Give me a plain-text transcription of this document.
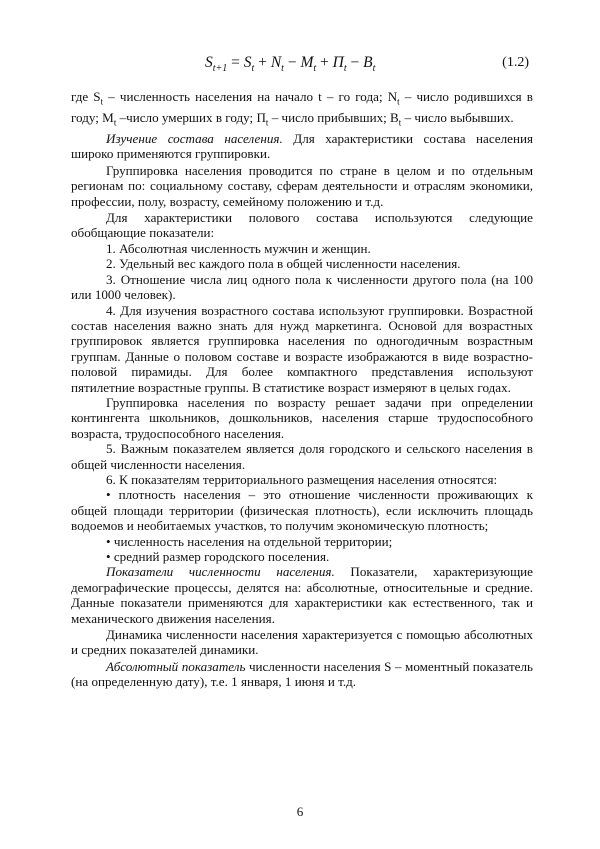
$S_{t+1} = S_t + N_t - M_t + П_t - B_t$	(1.2)

где $S_t$ – численность населения на начало t – го года; $N_t$ – число родившихся в году; $M_t$ –число умерших в году; $П_t$ – число прибывших; $B_t$ – число выбывших.

Изучение состава населения. Для характеристики состава населения широко применяются группировки.

Группировка населения проводится по стране в целом и по отдельным регионам по: социальному составу, сферам деятельности и отраслям экономики, профессии, полу, возрасту, семейному положению и т.д.

Для характеристики полового состава используются следующие обобщающие показатели:

1. Абсолютная численность мужчин и женщин.

2. Удельный вес каждого пола в общей численности населения.

3. Отношение числа лиц одного пола к численности другого пола (на 100 или 1000 человек).

4. Для изучения возрастного состава используют группировки. Возрастной состав населения важно знать для нужд маркетинга. Основой для возрастных группировок является группировка населения по одногодичным возрастным группам. Данные о половом составе и возрасте изображаются в виде возрастно-половой пирамиды. Для более компактного представления используют пятилетние возрастные группы. В статистике возраст измеряют в целых годах.

Группировка населения по возрасту решает задачи при определении контингента школьников, дошкольников, населения старше трудоспособного возраста, трудоспособного населения.

5. Важным показателем является доля городского и сельского населения в общей численности населения.

6. К показателям территориального размещения населения относятся:

• плотность населения – это отношение численности проживающих к общей площади территории (физическая плотность), если исключить площадь водоемов и необитаемых участков, то получим экономическую плотность;

• численность населения на отдельной территории;

• средний размер городского поселения.

Показатели численности населения. Показатели, характеризующие демографические процессы, делятся на: абсолютные, относительные и средние. Данные показатели применяются для характеристики как естественного, так и механического движения населения.

Динамика численности населения характеризуется с помощью абсолютных и средних показателей динамики.

Абсолютный показатель численности населения S – моментный показатель (на определенную дату), т.е. 1 января, 1 июня и т.д.

6
